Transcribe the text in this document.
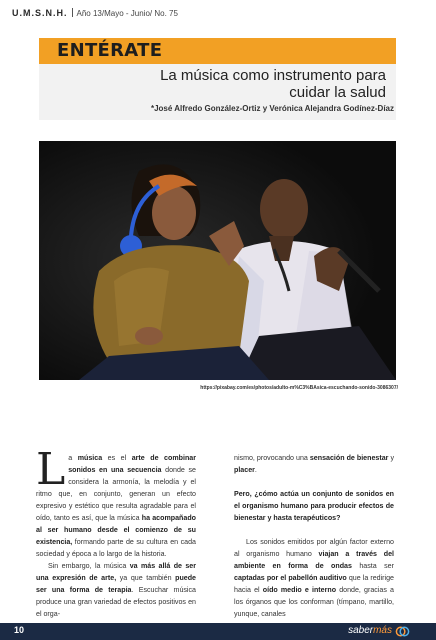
U.M.S.N.H. Año 13/Mayo - Junio/ No. 75
ENTÉRATE
La música como instrumento para cuidar la salud
*José Alfredo González-Ortiz y Verónica Alejandra Godínez-Díaz
https://pixabay.com/es/photos/adulto-m%C3%BAsica-escuchando-sonido-3086307/

La música es el arte de combinar sonidos en una secuencia donde se considera la armonía, la melodía y el ritmo que, en conjunto, generan un efecto expresivo y estético que resulta agradable para el oído, tanto es así, que la música ha acompañado al ser humano desde el comienzo de su existencia, formando parte de su cultura en cada sociedad y época a lo largo de la historia.

Sin embargo, la música va más allá de ser una expresión de arte, ya que también puede ser una forma de terapia. Escuchar música produce una gran variedad de efectos positivos en el orga-

nismo, provocando una sensación de bienestar y placer.

Pero, ¿cómo actúa un conjunto de sonidos en el organismo humano para producir efectos de bienestar y hasta terapéuticos?

Los sonidos emitidos por algún factor externo al organismo humano viajan a través del ambiente en forma de ondas hasta ser captadas por el pabellón auditivo que la redirige hacia el oído medio e interno donde, gracias a los órganos que los conforman (tímpano, martillo, yunque, canales

10	sabermás
